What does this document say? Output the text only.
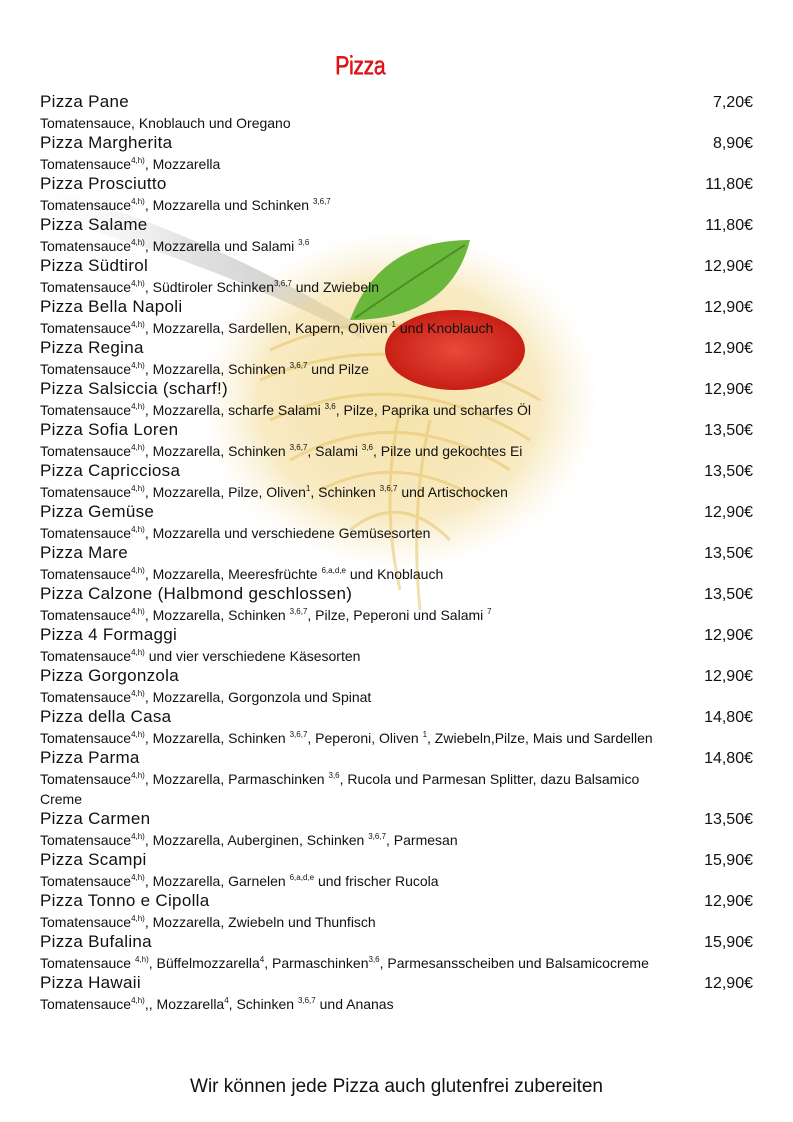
Pizza
Pizza Pane	7,20€
Tomatensauce, Knoblauch und Oregano
Pizza Margherita	8,90€
Tomatensauce$^{4,h)}$, Mozzarella
Pizza Prosciutto	11,80€
Tomatensauce$^{4,h)}$, Mozzarella und Schinken $^{3,6,7}$
Pizza Salame	11,80€
Tomatensauce$^{4,h)}$, Mozzarella und Salami $^{3,6}$
Pizza Südtirol	12,90€
Tomatensauce$^{4,h)}$, Südtiroler Schinken$^{3,6,7}$ und Zwiebeln
Pizza Bella Napoli	12,90€
Tomatensauce$^{4,h)}$, Mozzarella, Sardellen, Kapern, Oliven $^1$ und Knoblauch
Pizza Regina	12,90€
Tomatensauce$^{4,h)}$, Mozzarella, Schinken $^{3,6,7}$ und Pilze
Pizza Salsiccia (scharf!)	12,90€
Tomatensauce$^{4,h)}$, Mozzarella, scharfe Salami $^{3,6}$, Pilze, Paprika und scharfes Öl
Pizza Sofia Loren	13,50€
Tomatensauce$^{4,h)}$, Mozzarella, Schinken $^{3,6,7}$, Salami $^{3,6}$, Pilze und gekochtes Ei
Pizza Capricciosa	13,50€
Tomatensauce$^{4,h)}$, Mozzarella, Pilze, Oliven$^1$, Schinken $^{3,6,7}$ und Artischocken
Pizza Gemüse	12,90€
Tomatensauce$^{4,h)}$, Mozzarella und verschiedene Gemüsesorten
Pizza Mare	13,50€
Tomatensauce$^{4,h)}$, Mozzarella, Meeresfrüchte $^{6,a,d,e}$ und Knoblauch
Pizza Calzone (Halbmond geschlossen)	13,50€
Tomatensauce$^{4,h)}$, Mozzarella, Schinken $^{3,6,7}$, Pilze, Peperoni und Salami $^7$
Pizza 4 Formaggi	12,90€
Tomatensauce$^{4,h)}$ und vier verschiedene Käsesorten
Pizza Gorgonzola	12,90€
Tomatensauce$^{4,h)}$, Mozzarella, Gorgonzola und Spinat
Pizza della Casa	14,80€
Tomatensauce$^{4,h)}$, Mozzarella, Schinken $^{3,6,7}$, Peperoni, Oliven $^1$, Zwiebeln,Pilze, Mais und Sardellen
Pizza Parma	14,80€
Tomatensauce$^{4,h)}$, Mozzarella, Parmaschinken $^{3,6}$, Rucola und Parmesan Splitter, dazu Balsamico Creme
Pizza Carmen	13,50€
Tomatensauce$^{4,h)}$, Mozzarella, Auberginen, Schinken $^{3,6,7}$, Parmesan
Pizza Scampi	15,90€
Tomatensauce$^{4,h)}$, Mozzarella, Garnelen $^{6,a,d,e}$ und frischer Rucola
Pizza Tonno e Cipolla	12,90€
Tomatensauce$^{4,h)}$, Mozzarella, Zwiebeln und Thunfisch
Pizza Bufalina	15,90€
Tomatensauce $^{4,h)}$, Büffelmozzarella$^4$, Parmaschinken$^{3,6}$, Parmesansscheiben und Balsamicocreme
Pizza Hawaii	12,90€
Tomatensauce$^{4,h)}$,, Mozzarella$^4$, Schinken $^{3,6,7}$ und Ananas
Wir können jede Pizza auch glutenfrei zubereiten
